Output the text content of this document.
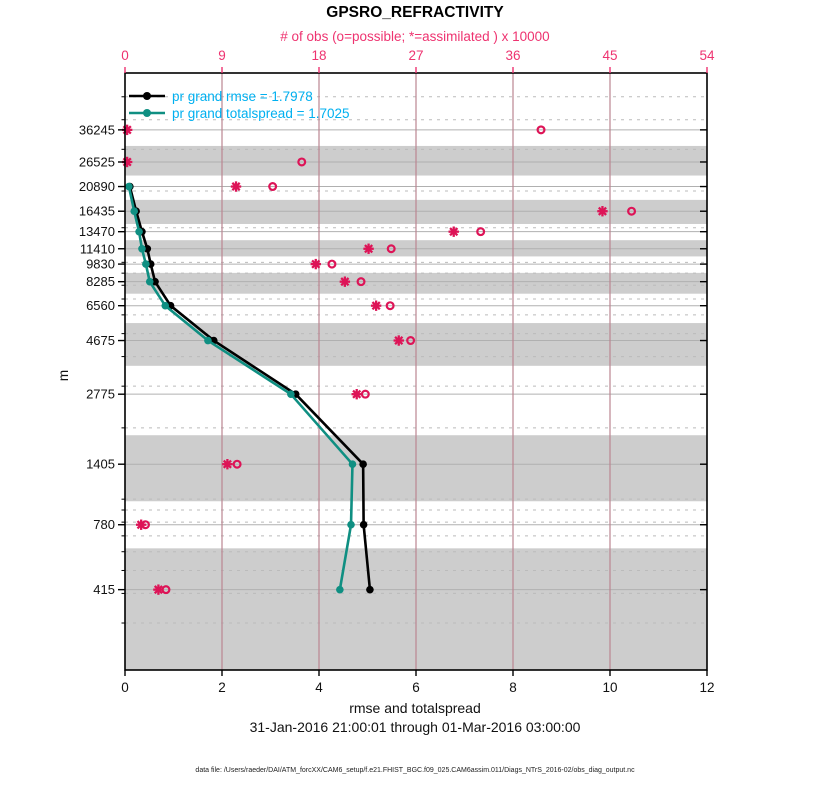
GPSRO_REFRACTIVITY
# of obs (o=possible; *=assimilated ) x 10000
0	2	4	6	8	10	12
0	9	18	27	36	45	54
36245
26525
20890
16435
13470
11410
9830
8285
6560
4675
2775
1405
780
415
pr grand rmse = 1.7978
pr grand totalspread = 1.7025
m
rmse and totalspread
31-Jan-2016 21:00:01 through 01-Mar-2016 03:00:00
data file: /Users/raeder/DAI/ATM_forcXX/CAM6_setup/f.e21.FHIST_BGC.f09_025.CAM6assim.011/Diags_NTrS_2016-02/obs_diag_output.nc
